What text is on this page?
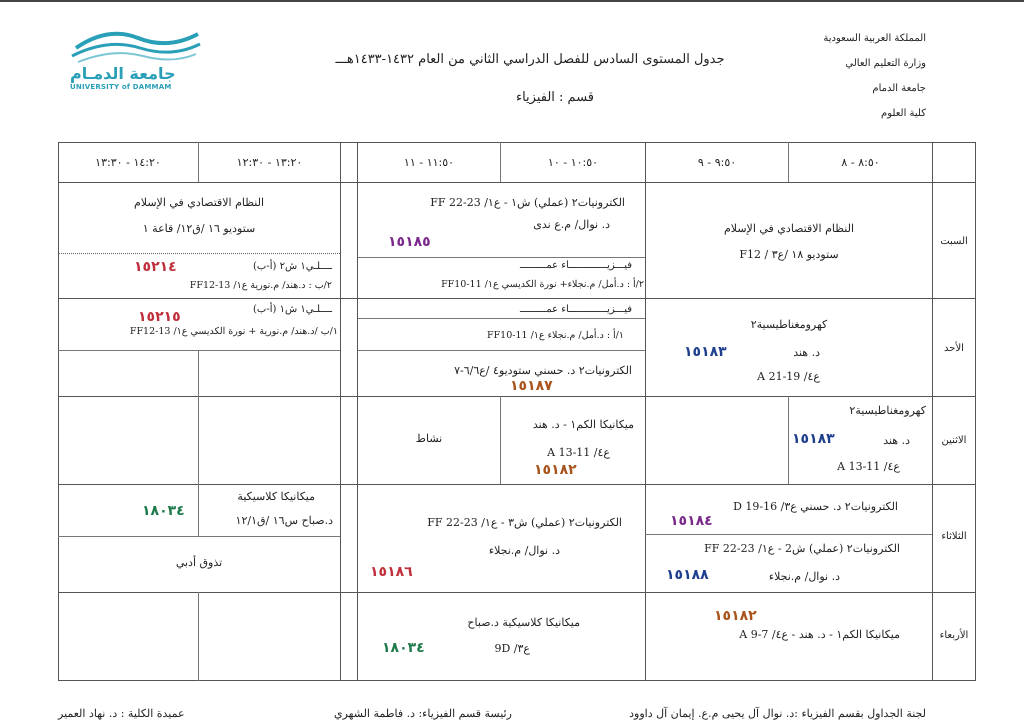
المملكة العربية السعودية
وزارة التعليم العالي
جامعة الدمام
كلية العلوم
جدول المستوى السادس للفصل الدراسي الثاني من العام ١٤٣٢-١٤٣٣هـــ
قسم : الفيزياء
جامعة الدمـام
UNIVERSITY of DAMMAM
٨:٥٠ - ٨
٩:٥٠ - ٩
١٠:٥٠ - ١٠
١١:٥٠ - ١١
١٣:٢٠ - ١٢:٣٠
١٤:٢٠ - ١٣:٣٠
السبت
الأحد
الاثنين
الثلاثاء
الأربعاء
النظام الاقتصادي في الإسلام
ستوديو ١٨ /ع٣ / F12
الكترونيات٢ (عملي) ش١ - ع١/ FF 22-23
د. نوال/ م.ع ندى
١٥١٨٥
فيـــزيـــــــــــــاء عمـــــــــ
٢/أ : د.أمل/ م.نجلاء+ نورة الكديسي ع١/ FF10-11
النظام الاقتصادي في الإسلام
ستوديو ١٦ /ق١٢/ قاعة ١
ــــلـي١ ش٢ (أ-ب)
١٥٢١٤
٢/ب : د.هند/ م.نورية ع١/ FF12-13
كهرومغناطيسية٢
د. هند
١٥١٨٣
ع٤/ 19-21 A
فيـــزيـــــــــــــاء عمـــــــــ
١/أ : د.أمل/ م.نجلاء ع١/ FF10-11
الكترونيات٢ د. حسني ستوديو٤ /ع٦/٦-٧
١٥١٨٧
ــــلـي١ ش١ (أ-ب)
١٥٢١٥
١/ب /د.هند/ م.نورية + نورة الكديسي ع١/ FF12-13
كهرومغناطيسية٢
د. هند
١٥١٨٣
ع٤/ 11-13 A
ميكانيكا الكم١ - د. هند
ع٤/ 11-13 A
١٥١٨٢
نشاط
الكترونيات٢ د. حسني ع٣/ 16-19 D
١٥١٨٤
الكترونيات٢ (عملي) ش2 - ع١/ 23-22 FF
د. نوال/ م.نجلاء
١٥١٨٨
الكترونيات٢ (عملي) ش٣ - ع١/ FF 22-23
د. نوال/ م.نجلاء
١٥١٨٦
ميكانيكا كلاسيكية
د.صباح س١٦ /ق١٢/١
١٨٠٣٤
تذوق أدبي
١٥١٨٢
ميكانيكا الكم١ - د. هند - ع٤/ 7-9 A
ميكانيكا كلاسيكية د.صباح
ع٣/ 9D
١٨٠٣٤
لجنة الجداول بقسم الفيزياء :د. نوال آل يحيى م.ع. إيمان آل داوود
رئيسة قسم الفيزياء: د. فاطمة الشهري
عميدة الكلية : د. نهاد العمير
